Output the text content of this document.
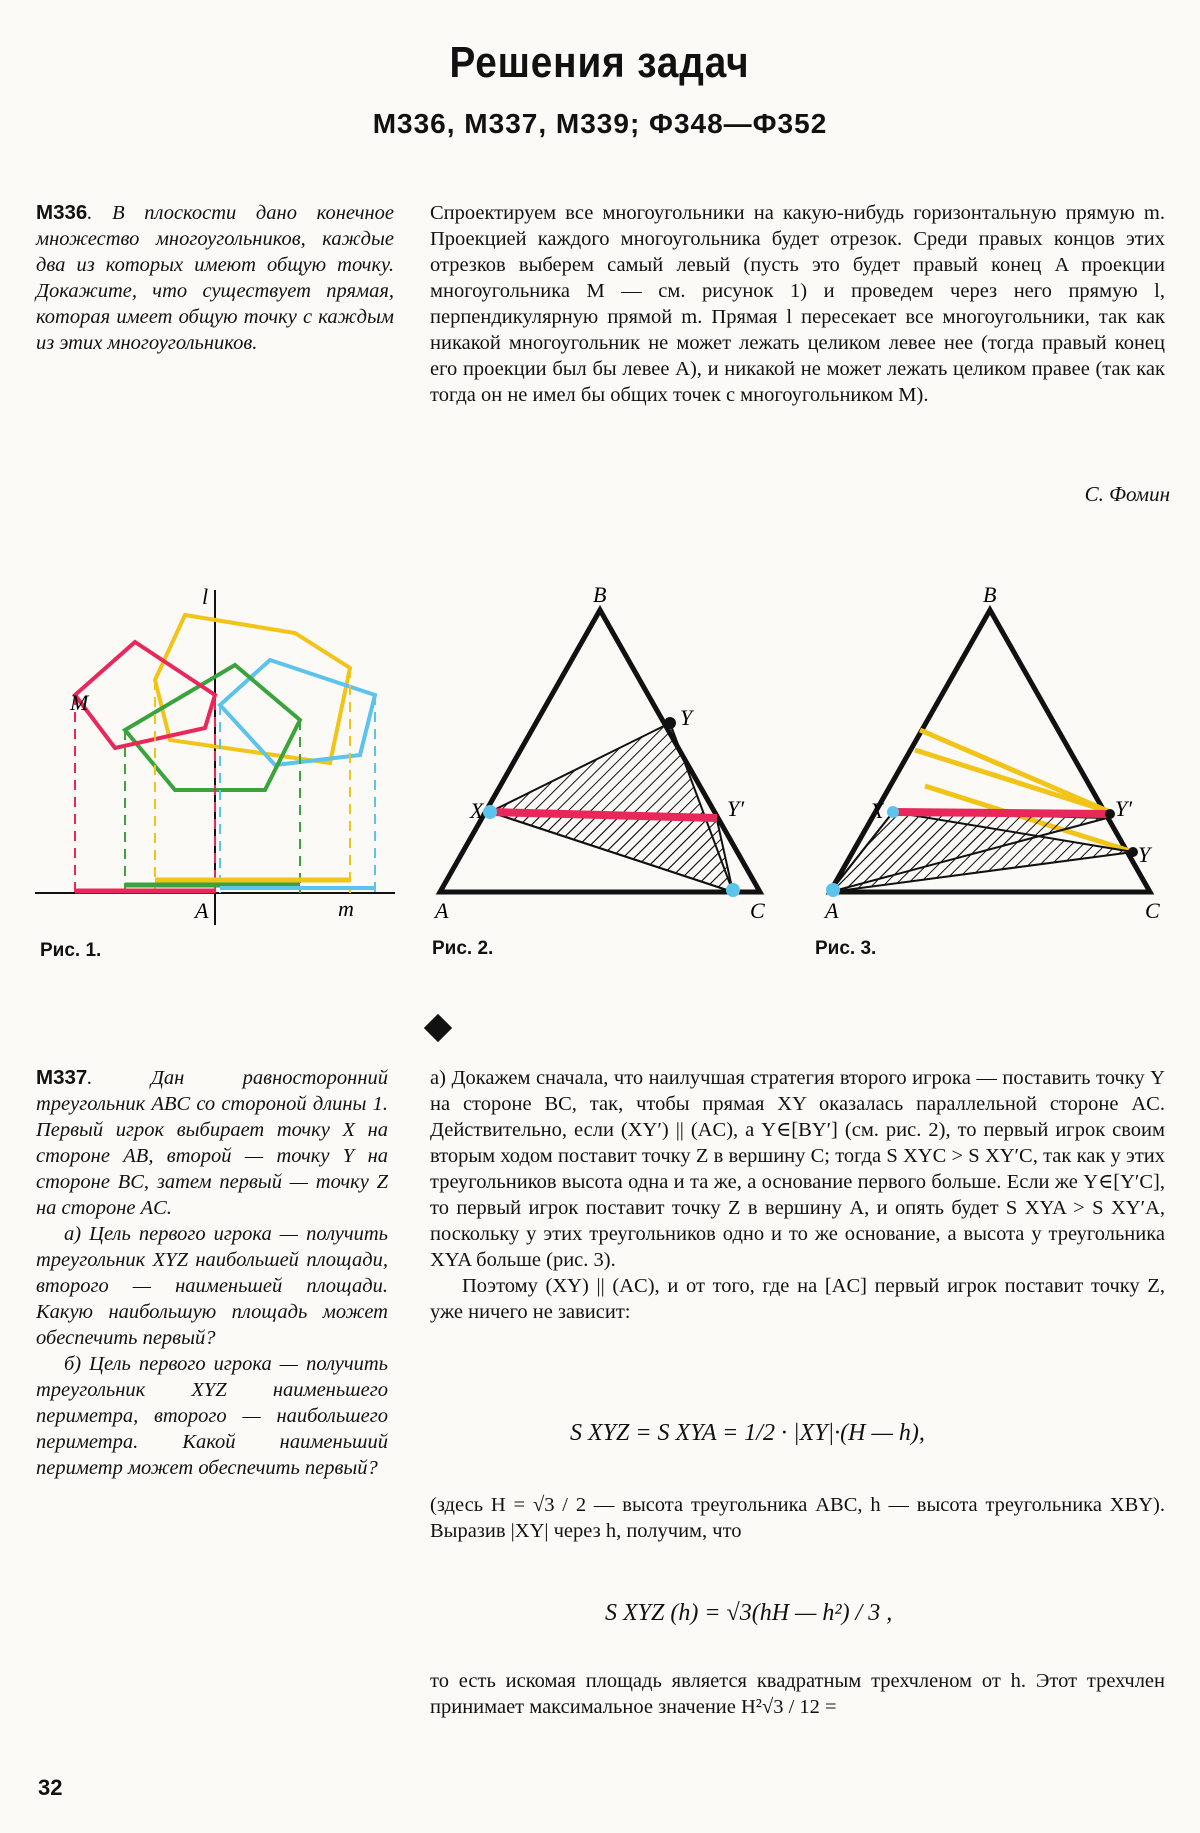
Решения задач
М336, М337, М339; Ф348—Ф352
М336. В плоскости дано конечное множество многоугольников, каждые два из которых имеют общую точку. Докажите, что существует прямая, которая имеет общую точку с каждым из этих многоугольников.
Спроектируем все многоугольники на какую-нибудь горизонтальную прямую m. Проекцией каждого многоугольника будет отрезок. Среди правых концов этих отрезков выберем самый левый (пусть это будет правый конец A проекции многоугольника M — см. рисунок 1) и проведем через него прямую l, перпендикулярную прямой m. Прямая l пересекает все многоугольники, так как никакой многоугольник не может лежать целиком левее нее (тогда правый конец его проекции был бы левее A), и никакой не может лежать целиком правее (так как тогда он не имел бы общих точек с многоугольником M).
С. Фомин
l
M
A	m
Рис. 1.
B
Y
X	Y′
A	C
Рис. 2.
B
X	Y′
Y
A	C
Рис. 3.
М337. Дан равносторонний треугольник ABC со стороной длины 1. Первый игрок выбирает точку X на стороне AB, второй — точку Y на стороне BC, затем первый — точку Z на стороне AC.
а) Цель первого игрока — получить треугольник XYZ наибольшей площади, второго — наименьшей площади. Какую наибольшую площадь может обеспечить первый?
б) Цель первого игрока — получить треугольник XYZ наименьшего периметра, второго — наибольшего периметра. Какой наименьший периметр может обеспечить первый?
а) Докажем сначала, что наилучшая стратегия второго игрока — поставить точку Y на стороне BC, так, чтобы прямая XY оказалась параллельной стороне AC. Действительно, если (XY′) || (AC), а Y∈[BY′] (см. рис. 2), то первый игрок своим вторым ходом поставит точку Z в вершину C; тогда S XYC > S XY′C, так как у этих треугольников высота одна и та же, а основание первого больше. Если же Y∈[Y′C], то первый игрок поставит точку Z в вершину A, и опять будет S XYA > S XY′A, поскольку у этих треугольников одно и то же основание, а высота у треугольника XYA больше (рис. 3).
Поэтому (XY) || (AC), и от того, где на [AC] первый игрок поставит точку Z, уже ничего не зависит:
S XYZ = S XYA = 1/2 · |XY|·(H — h),
(здесь H = √3 / 2 — высота треугольника ABC, h — высота треугольника XBY). Выразив |XY| через h, получим, что
S XYZ (h) = √3(hH — h²) / 3 ,
то есть искомая площадь является квадратным трехчленом от h. Этот трехчлен принимает максимальное значение H²√3 / 12 =
32
